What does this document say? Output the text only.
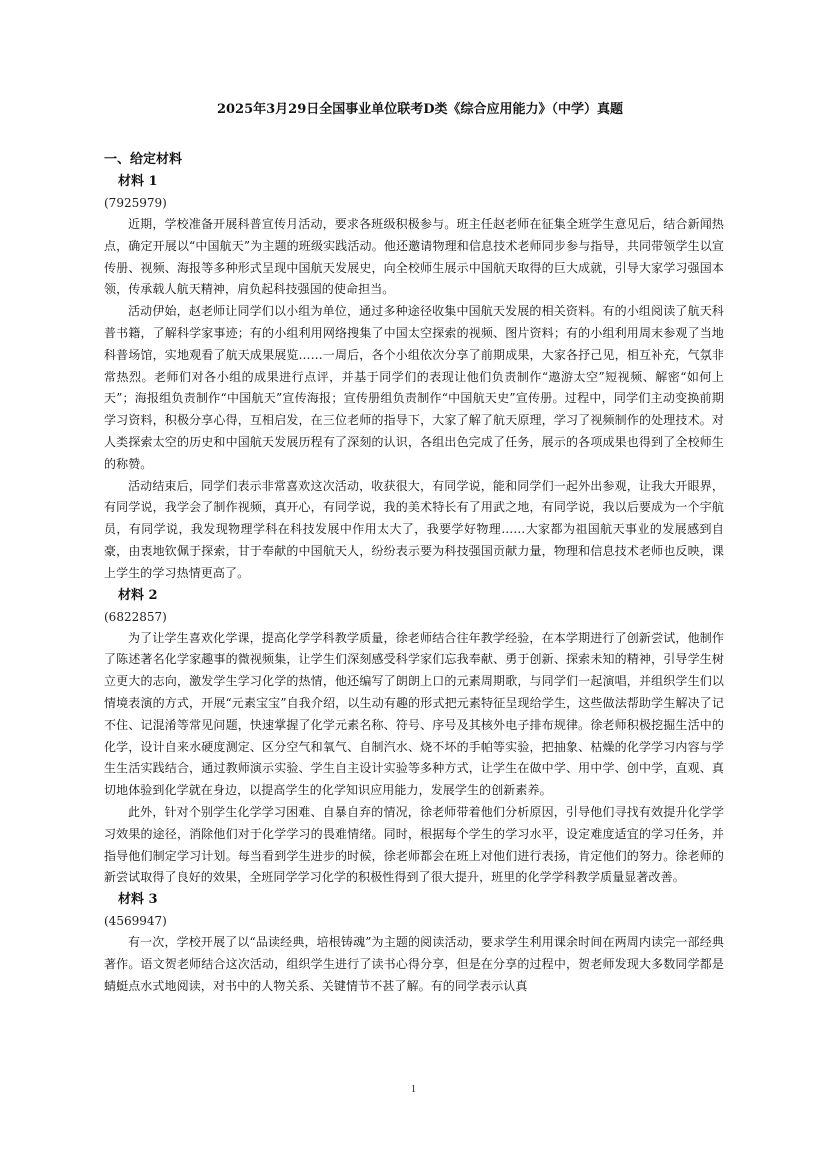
2025年3月29日全国事业单位联考D类《综合应用能力》（中学）真题

一、给定材料

材料 1

(7925979)

近期，学校准备开展科普宣传月活动，要求各班级积极参与。班主任赵老师在征集全班学生意见后，结合新闻热点，确定开展以“中国航天”为主题的班级实践活动。他还邀请物理和信息技术老师同步参与指导，共同带领学生以宣传册、视频、海报等多种形式呈现中国航天发展史，向全校师生展示中国航天取得的巨大成就，引导大家学习强国本领，传承载人航天精神，肩负起科技强国的使命担当。

活动伊始，赵老师让同学们以小组为单位，通过多种途径收集中国航天发展的相关资料。有的小组阅读了航天科普书籍，了解科学家事迹；有的小组利用网络搜集了中国太空探索的视频、图片资料；有的小组利用周末参观了当地科普场馆，实地观看了航天成果展览……一周后，各个小组依次分享了前期成果，大家各抒己见，相互补充，气氛非常热烈。老师们对各小组的成果进行点评，并基于同学们的表现让他们负责制作“遨游太空”短视频、解密“如何上天”；海报组负责制作“中国航天”宣传海报；宣传册组负责制作“中国航天史”宣传册。过程中，同学们主动变换前期学习资料，积极分享心得，互相启发，在三位老师的指导下，大家了解了航天原理，学习了视频制作的处理技术。对人类探索太空的历史和中国航天发展历程有了深刻的认识，各组出色完成了任务，展示的各项成果也得到了全校师生的称赞。

活动结束后，同学们表示非常喜欢这次活动，收获很大，有同学说，能和同学们一起外出参观，让我大开眼界，有同学说，我学会了制作视频，真开心，有同学说，我的美术特长有了用武之地，有同学说，我以后要成为一个宇航员，有同学说，我发现物理学科在科技发展中作用太大了，我要学好物理……大家都为祖国航天事业的发展感到自豪，由衷地钦佩于探索，甘于奉献的中国航天人，纷纷表示要为科技强国贡献力量，物理和信息技术老师也反映，课上学生的学习热情更高了。

材料 2

(6822857)

为了让学生喜欢化学课，提高化学学科教学质量，徐老师结合往年教学经验，在本学期进行了创新尝试，他制作了陈述著名化学家趣事的微视频集，让学生们深刻感受科学家们忘我奉献、勇于创新、探索未知的精神，引导学生树立更大的志向，激发学生学习化学的热情，他还编写了朗朗上口的元素周期歌，与同学们一起演唱，并组织学生们以情境表演的方式，开展“元素宝宝”自我介绍，以生动有趣的形式把元素特征呈现给学生，这些做法帮助学生解决了记不住、记混淆等常见问题，快速掌握了化学元素名称、符号、序号及其核外电子排布规律。徐老师积极挖掘生活中的化学，设计自来水硬度测定、区分空气和氧气、自制汽水、烧不坏的手帕等实验，把抽象、枯燥的化学学习内容与学生生活实践结合，通过教师演示实验、学生自主设计实验等多种方式，让学生在做中学、用中学、创中学，直观、真切地体验到化学就在身边，以提高学生的化学知识应用能力，发展学生的创新素养。

此外，针对个别学生化学学习困难、自暴自弃的情况，徐老师带着他们分析原因，引导他们寻找有效提升化学学习效果的途径，消除他们对于化学学习的畏难情绪。同时，根据每个学生的学习水平，设定难度适宜的学习任务，并指导他们制定学习计划。每当看到学生进步的时候，徐老师都会在班上对他们进行表扬，肯定他们的努力。徐老师的新尝试取得了良好的效果，全班同学学习化学的积极性得到了很大提升，班里的化学学科教学质量显著改善。

材料 3

(4569947)

有一次，学校开展了以“品读经典，培根铸魂”为主题的阅读活动，要求学生利用课余时间在两周内读完一部经典著作。语文贺老师结合这次活动，组织学生进行了读书心得分享，但是在分享的过程中，贺老师发现大多数同学都是蜻蜓点水式地阅读，对书中的人物关系、关键情节不甚了解。有的同学表示认真

1
